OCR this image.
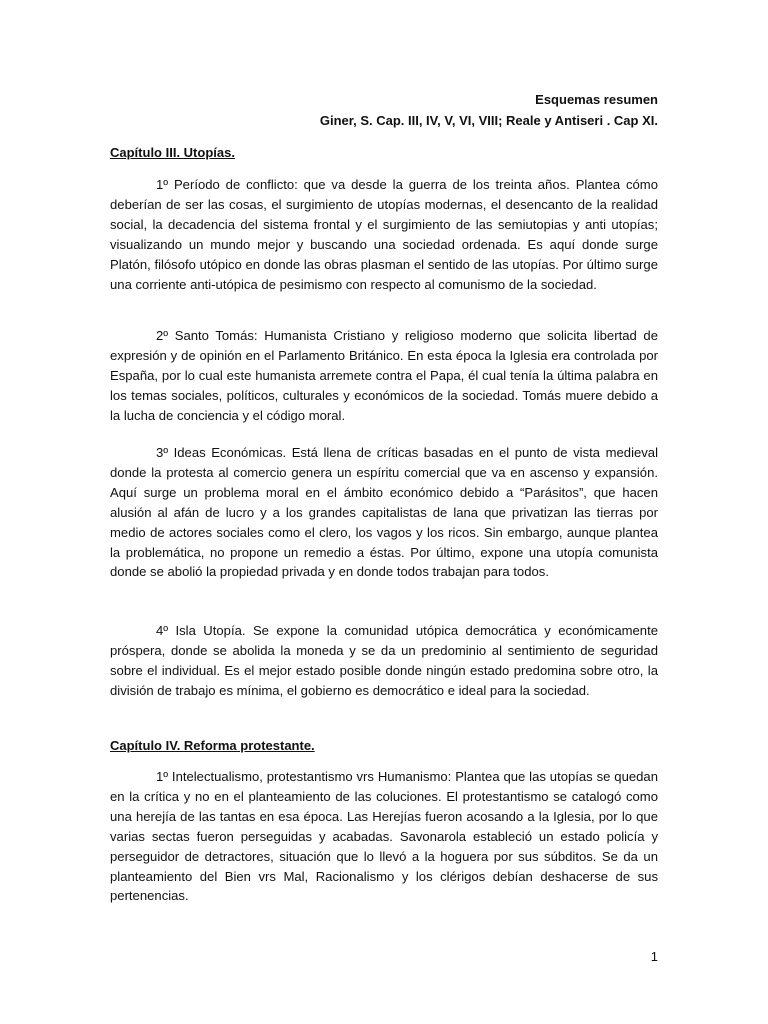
Esquemas resumen
Giner, S. Cap. III, IV, V, VI, VIII; Reale y Antiseri . Cap XI.
Capítulo III. Utopías.

1º Período de conflicto: que va desde la guerra de los treinta años. Plantea cómo deberían de ser las cosas, el surgimiento de utopías modernas, el desencanto de la realidad social, la decadencia del sistema frontal y el surgimiento de las semiutopias y anti utopías; visualizando un mundo mejor y buscando una sociedad ordenada. Es aquí donde surge Platón, filósofo utópico en donde las obras plasman el sentido de las utopías. Por último surge una corriente anti-utópica de pesimismo con respecto al comunismo de la sociedad.

2º Santo Tomás: Humanista Cristiano y religioso moderno que solicita libertad de expresión y de opinión en el Parlamento Británico. En esta época la Iglesia era controlada por España, por lo cual este humanista arremete contra el Papa, él cual tenía la última palabra en los temas sociales, políticos, culturales y económicos de la sociedad. Tomás muere debido a la lucha de conciencia y el código moral.

3º Ideas Económicas. Está llena de críticas basadas en el punto de vista medieval donde la protesta al comercio genera un espíritu comercial que va en ascenso y expansión. Aquí surge un problema moral en el ámbito económico debido a “Parásitos”, que hacen alusión al afán de lucro y a los grandes capitalistas de lana que privatizan las tierras por medio de actores sociales como el clero, los vagos y los ricos. Sin embargo, aunque plantea la problemática, no propone un remedio a éstas. Por último, expone una utopía comunista donde se abolió la propiedad privada y en donde todos trabajan para todos.

4º Isla Utopía. Se expone la comunidad utópica democrática y económicamente próspera, donde se abolida la moneda y se da un predominio al sentimiento de seguridad sobre el individual. Es el mejor estado posible donde ningún estado predomina sobre otro, la división de trabajo es mínima, el gobierno es democrático e ideal para la sociedad.

Capítulo IV. Reforma protestante.

1º Intelectualismo, protestantismo vrs Humanismo: Plantea que las utopías se quedan en la crítica y no en el planteamiento de las coluciones. El protestantismo se catalogó como una herejía de las tantas en esa época. Las Herejías fueron acosando a la Iglesia, por lo que varias sectas fueron perseguidas y acabadas. Savonarola estableció un estado policía y perseguidor de detractores, situación que lo llevó a la hoguera por sus súbditos. Se da un planteamiento del Bien vrs Mal, Racionalismo y los clérigos debían deshacerse de sus pertenencias.

1
